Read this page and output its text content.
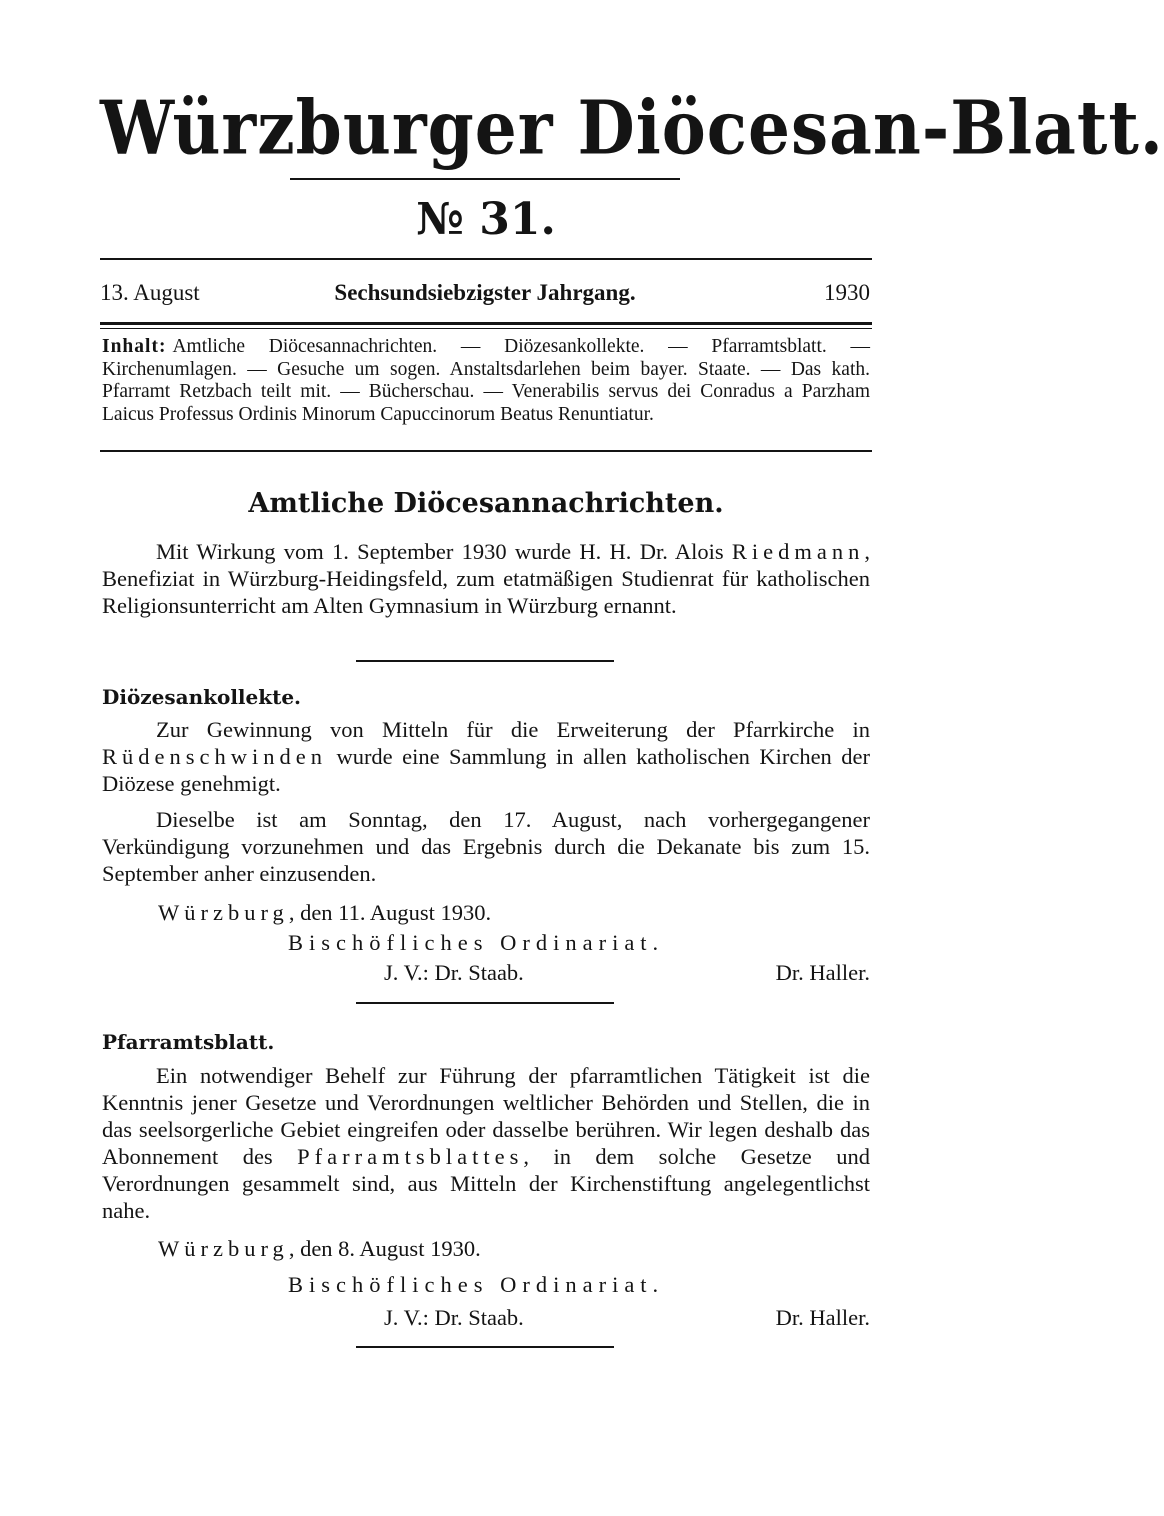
Würzburger Diöcesan-Blatt.
№ 31.
13. August	Sechsundsiebzigster Jahrgang.	1930
Inhalt: Amtliche Diöcesannachrichten. — Diözesankollekte. — Pfarramtsblatt. — Kirchenumlagen. — Gesuche um sogen. Anstaltsdarlehen beim bayer. Staate. — Das kath. Pfarramt Retzbach teilt mit. — Bücherschau. — Venerabilis servus dei Conradus a Parzham Laicus Professus Ordinis Minorum Capuccinorum Beatus Renuntiatur.
Amtliche Diöcesannachrichten.

Mit Wirkung vom 1. September 1930 wurde H. H. Dr. Alois Riedmann, Benefiziat in Würzburg-Heidingsfeld, zum etatmäßigen Studienrat für katholischen Religionsunterricht am Alten Gymnasium in Würzburg ernannt.

Diözesankollekte.

Zur Gewinnung von Mitteln für die Erweiterung der Pfarrkirche in Rüdenschwinden wurde eine Sammlung in allen katholischen Kirchen der Diözese genehmigt.

Dieselbe ist am Sonntag, den 17. August, nach vorhergegangener Verkündigung vorzunehmen und das Ergebnis durch die Dekanate bis zum 15. September anher einzusenden.

Würzburg, den 11. August 1930.
Bischöfliches Ordinariat.
J. V.: Dr. Staab.	Dr. Haller.
Pfarramtsblatt.

Ein notwendiger Behelf zur Führung der pfarramtlichen Tätigkeit ist die Kenntnis jener Gesetze und Verordnungen weltlicher Behörden und Stellen, die in das seelsorgerliche Gebiet eingreifen oder dasselbe berühren. Wir legen deshalb das Abonnement des Pfarramtsblattes, in dem solche Gesetze und Verordnungen gesammelt sind, aus Mitteln der Kirchenstiftung angelegentlichst nahe.

Würzburg, den 8. August 1930.
Bischöfliches Ordinariat.
J. V.: Dr. Staab.	Dr. Haller.
